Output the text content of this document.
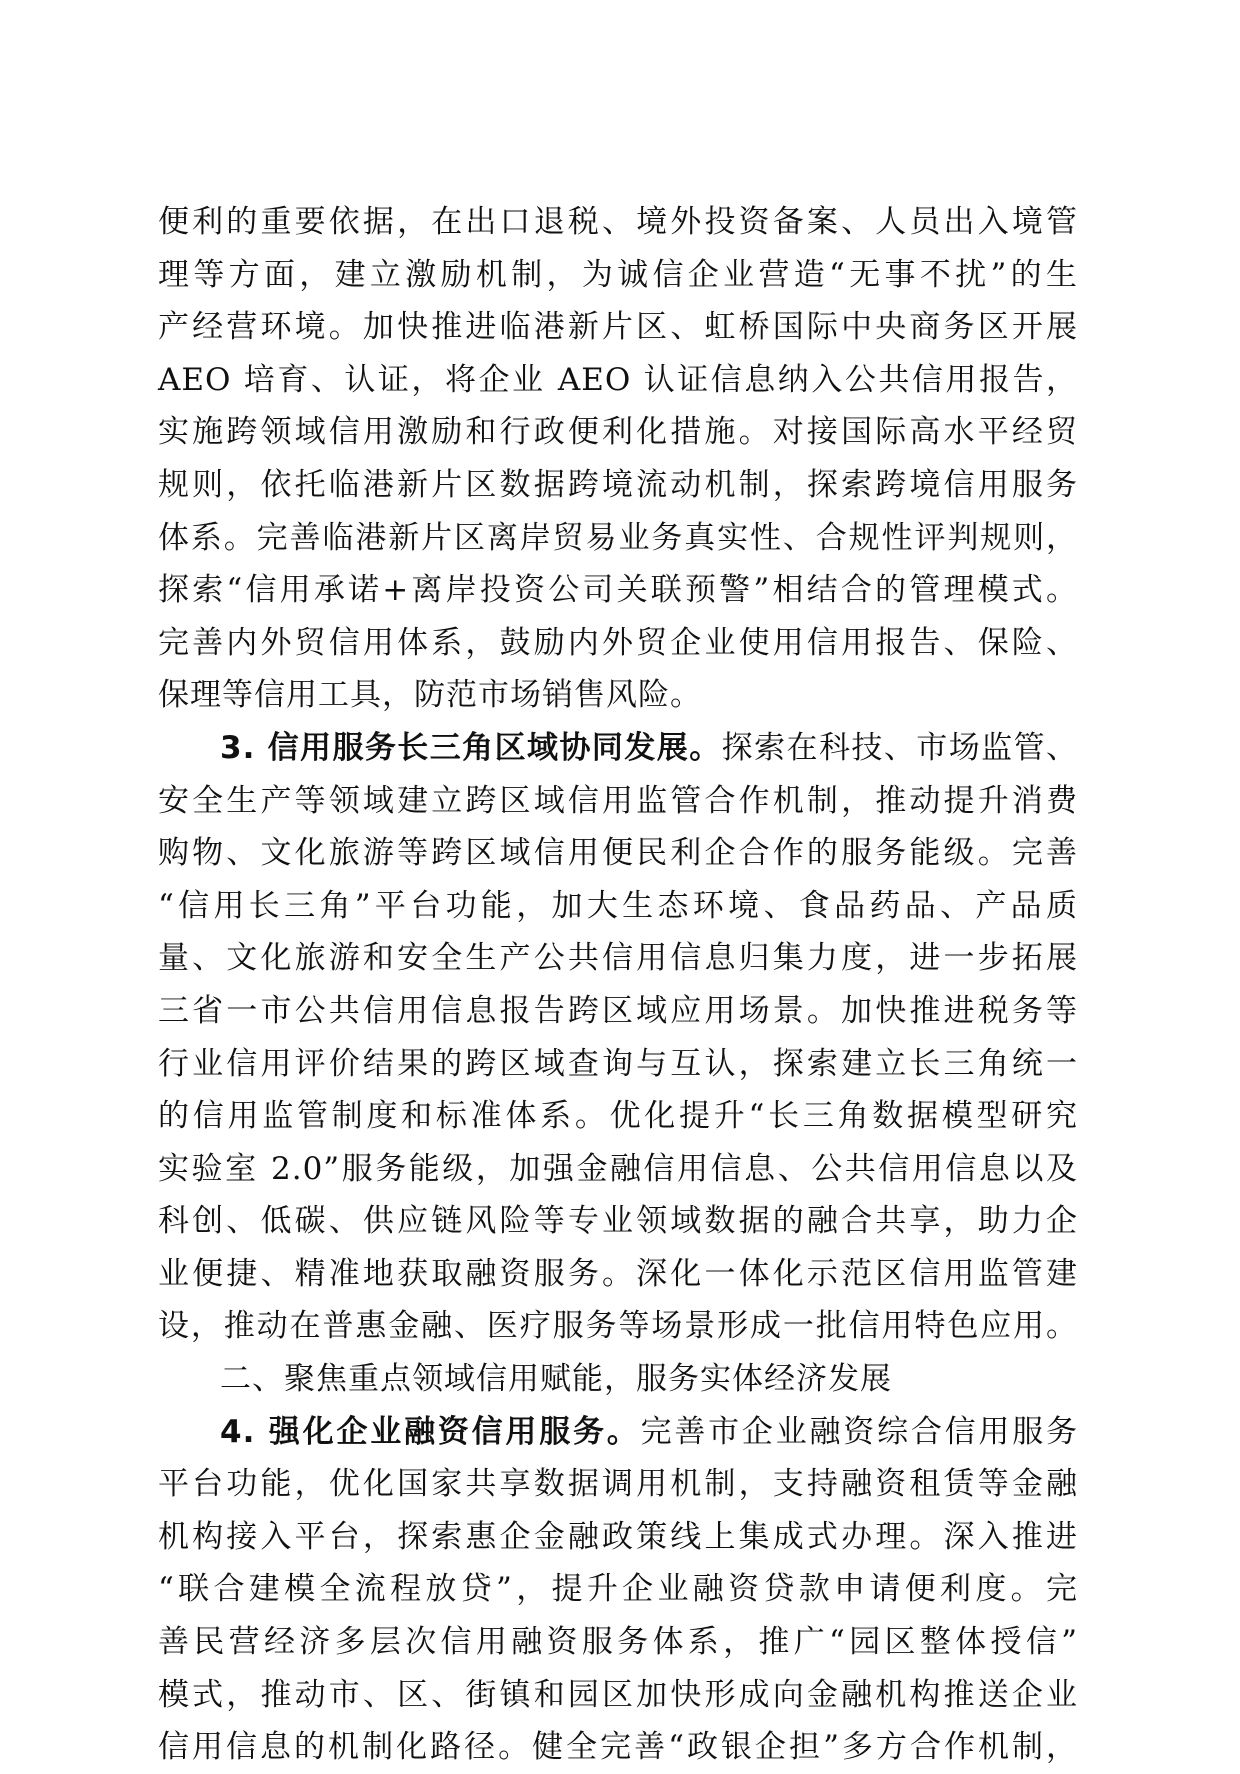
便利的重要依据，在出口退税、境外投资备案、人员出入境管
理等方面，建立激励机制，为诚信企业营造“无事不扰”的生
产经营环境。加快推进临港新片区、虹桥国际中央商务区开展
AEO 培育、认证，将企业 AEO 认证信息纳入公共信用报告，
实施跨领域信用激励和行政便利化措施。对接国际高水平经贸
规则，依托临港新片区数据跨境流动机制，探索跨境信用服务
体系。完善临港新片区离岸贸易业务真实性、合规性评判规则，
探索“信用承诺+离岸投资公司关联预警”相结合的管理模式。
完善内外贸信用体系，鼓励内外贸企业使用信用报告、保险、
保理等信用工具，防范市场销售风险。
3. 信用服务长三角区域协同发展。探索在科技、市场监管、
安全生产等领域建立跨区域信用监管合作机制，推动提升消费
购物、文化旅游等跨区域信用便民利企合作的服务能级。完善
“信用长三角”平台功能，加大生态环境、食品药品、产品质
量、文化旅游和安全生产公共信用信息归集力度，进一步拓展
三省一市公共信用信息报告跨区域应用场景。加快推进税务等
行业信用评价结果的跨区域查询与互认，探索建立长三角统一
的信用监管制度和标准体系。优化提升“长三角数据模型研究
实验室 2.0”服务能级，加强金融信用信息、公共信用信息以及
科创、低碳、供应链风险等专业领域数据的融合共享，助力企
业便捷、精准地获取融资服务。深化一体化示范区信用监管建
设，推动在普惠金融、医疗服务等场景形成一批信用特色应用。
二、聚焦重点领域信用赋能，服务实体经济发展
4. 强化企业融资信用服务。完善市企业融资综合信用服务
平台功能，优化国家共享数据调用机制，支持融资租赁等金融
机构接入平台，探索惠企金融政策线上集成式办理。深入推进
“联合建模全流程放贷”，提升企业融资贷款申请便利度。完
善民营经济多层次信用融资服务体系，推广“园区整体授信”
模式，推动市、区、街镇和园区加快形成向金融机构推送企业
信用信息的机制化路径。健全完善“政银企担”多方合作机制，
